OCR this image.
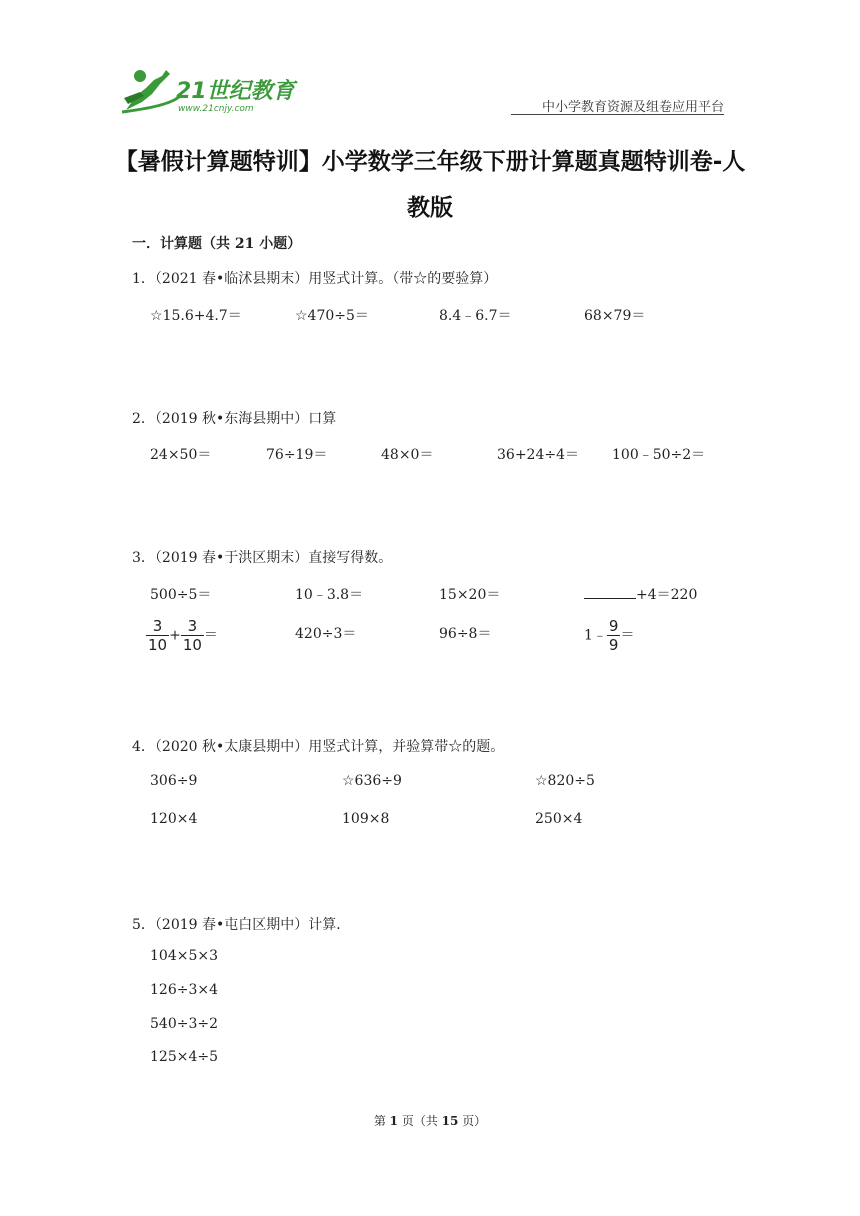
21世纪教育
www.21cnjy.com	中小学教育资源及组卷应用平台
【暑假计算题特训】小学数学三年级下册计算题真题特训卷-人
教版
一．计算题（共 21 小题）
1．（2021 春•临沭县期末）用竖式计算。（带☆的要验算）
☆15.6+4.7＝	☆470÷5＝	8.4﹣6.7＝	68×79＝
2．（2019 秋•东海县期中）口算
24×50＝	76÷19＝	48×0＝	36+24÷4＝ 100﹣50÷2＝
3．（2019 春•于洪区期末）直接写得数。
500÷5＝	10﹣3.8＝	15×20＝	+4＝220
$\frac{3}{10} + \frac{3}{10}$ ＝	420÷3＝	96÷8＝	1﹣ $\frac{9}{9}$ ＝
4．（2020 秋•太康县期中）用竖式计算，并验算带☆的题。
306÷9	☆636÷9	☆820÷5
120×4	109×8	250×4
5．（2019 春•屯白区期中）计算．
104×5×3
126÷3×4
540÷3÷2
125×4÷5
第 1 页（共 15 页）
